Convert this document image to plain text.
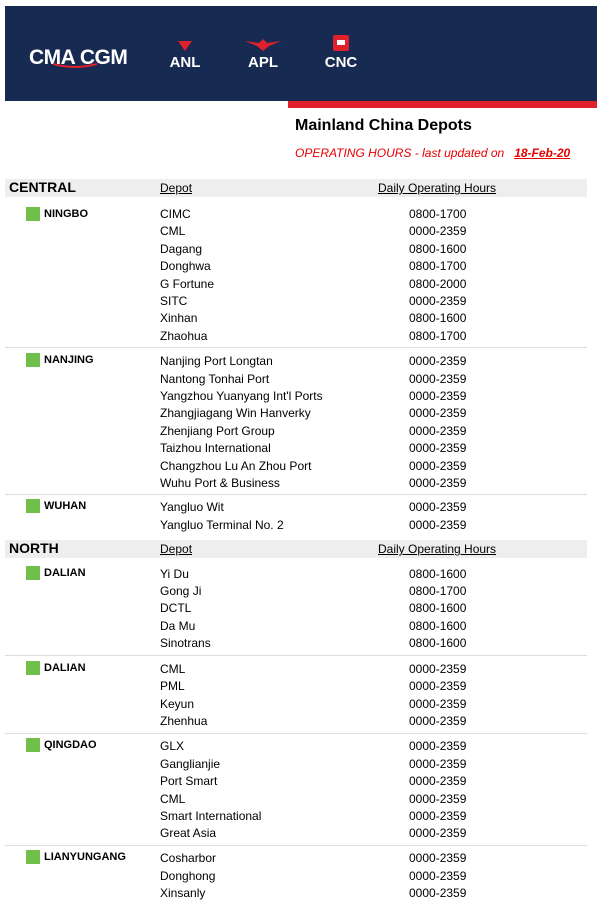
CMA CGM	ANL	APL	CNC
Mainland China Depots
OPERATING HOURS - last updated on 18-Feb-20
CENTRAL	Depot	Daily Operating Hours
NINGBO	CIMC	0800-1700
CML	0000-2359
Dagang	0800-1600
Donghwa	0800-1700
G Fortune	0800-2000
SITC	0000-2359
Xinhan	0800-1600
Zhaohua	0800-1700
NANJING	Nanjing Port Longtan	0000-2359
Nantong Tonhai Port	0000-2359
Yangzhou Yuanyang Int'l Ports	0000-2359
Zhangjiagang Win Hanverky	0000-2359
Zhenjiang Port Group	0000-2359
Taizhou International	0000-2359
Changzhou Lu An Zhou Port	0000-2359
Wuhu Port & Business	0000-2359
WUHAN	Yangluo Wit	0000-2359
Yangluo Terminal No. 2	0000-2359
NORTH	Depot	Daily Operating Hours
DALIAN	Yi Du	0800-1600
Gong Ji	0800-1700
DCTL	0800-1600
Da Mu	0800-1600
Sinotrans	0800-1600
DALIAN	CML	0000-2359
PML	0000-2359
Keyun	0000-2359
Zhenhua	0000-2359
QINGDAO	GLX	0000-2359
Ganglianjie	0000-2359
Port Smart	0000-2359
CML	0000-2359
Smart International	0000-2359
Great Asia	0000-2359
LIANYUNGANG	Cosharbor	0000-2359
Donghong	0000-2359
Xinsanly	0000-2359
